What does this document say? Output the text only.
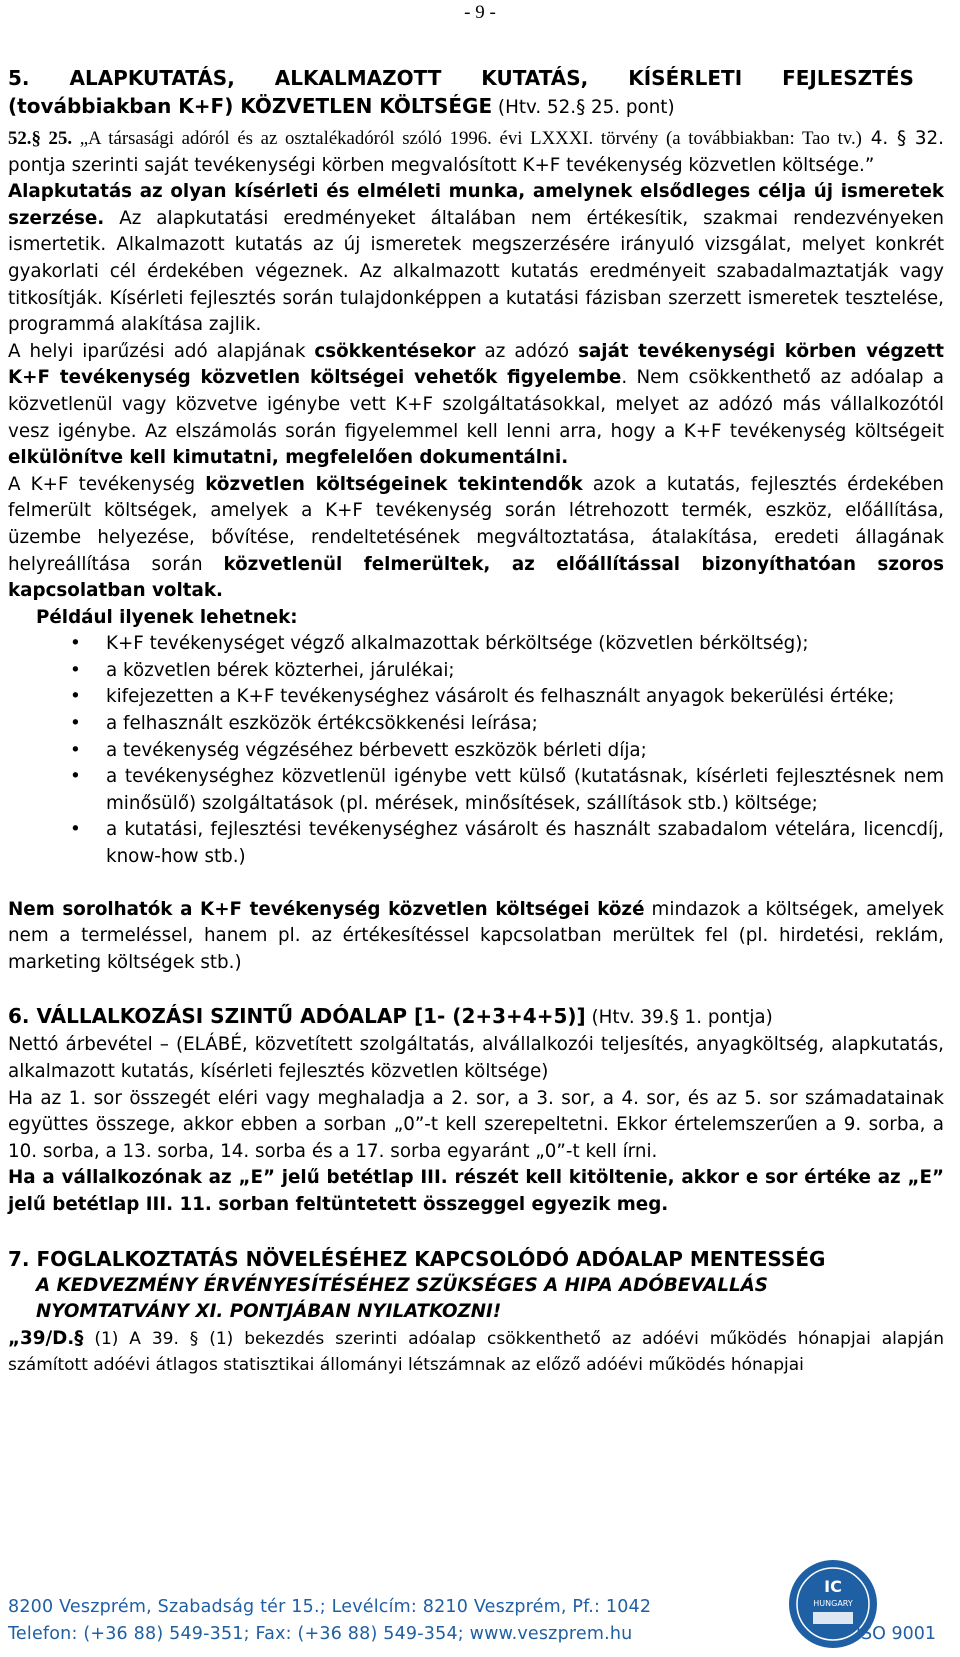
- 9 -

5. ALAPKUTATÁS, ALKALMAZOTT KUTATÁS, KÍSÉRLETI FEJLESZTÉS

(továbbiakban K+F) KÖZVETLEN KÖLTSÉGE (Htv. 52.§ 25. pont)

52.§ 25. „A társasági adóról és az osztalékadóról szóló 1996. évi LXXXI. törvény (a továbbiakban: Tao tv.) 4. § 32. pontja szerinti saját tevékenységi körben megvalósított K+F tevékenység közvetlen költsége.”

Alapkutatás az olyan kísérleti és elméleti munka, amelynek elsődleges célja új ismeretek szerzése. Az alapkutatási eredményeket általában nem értékesítik, szakmai rendezvényeken ismertetik. Alkalmazott kutatás az új ismeretek megszerzésére irányuló vizsgálat, melyet konkrét gyakorlati cél érdekében végeznek. Az alkalmazott kutatás eredményeit szabadalmaztatják vagy titkosítják. Kísérleti fejlesztés során tulajdonképpen a kutatási fázisban szerzett ismeretek tesztelése, programmá alakítása zajlik.

A helyi iparűzési adó alapjának csökkentésekor az adózó saját tevékenységi körben végzett K+F tevékenység közvetlen költségei vehetők figyelembe. Nem csökkenthető az adóalap a közvetlenül vagy közvetve igénybe vett K+F szolgáltatásokkal, melyet az adózó más vállalkozótól vesz igénybe. Az elszámolás során figyelemmel kell lenni arra, hogy a K+F tevékenység költségeit elkülönítve kell kimutatni, megfelelően dokumentálni.

A K+F tevékenység közvetlen költségeinek tekintendők azok a kutatás, fejlesztés érdekében felmerült költségek, amelyek a K+F tevékenység során létrehozott termék, eszköz, előállítása, üzembe helyezése, bővítése, rendeltetésének megváltoztatása, átalakítása, eredeti állagának helyreállítása során közvetlenül felmerültek, az előállítással bizonyíthatóan szoros kapcsolatban voltak.

Például ilyenek lehetnek:

• K+F tevékenységet végző alkalmazottak bérköltsége (közvetlen bérköltség);
• a közvetlen bérek közterhei, járulékai;
• kifejezetten a K+F tevékenységhez vásárolt és felhasznált anyagok bekerülési értéke;
• a felhasznált eszközök értékcsökkenési leírása;
• a tevékenység végzéséhez bérbevett eszközök bérleti díja;
• a tevékenységhez közvetlenül igénybe vett külső (kutatásnak, kísérleti fejlesztésnek nem minősülő) szolgáltatások (pl. mérések, minősítések, szállítások stb.) költsége;
• a kutatási, fejlesztési tevékenységhez vásárolt és használt szabadalom vételára, licencdíj, know-how stb.)

Nem sorolhatók a K+F tevékenység közvetlen költségei közé mindazok a költségek, amelyek nem a termeléssel, hanem pl. az értékesítéssel kapcsolatban merültek fel (pl. hirdetési, reklám, marketing költségek stb.)

6. VÁLLALKOZÁSI SZINTŰ ADÓALAP [1- (2+3+4+5)] (Htv. 39.§ 1. pontja)

Nettó árbevétel – (ELÁBÉ, közvetített szolgáltatás, alvállalkozói teljesítés, anyagköltség, alapkutatás, alkalmazott kutatás, kísérleti fejlesztés közvetlen költsége)

Ha az 1. sor összegét eléri vagy meghaladja a 2. sor, a 3. sor, a 4. sor, és az 5. sor számadatainak együttes összege, akkor ebben a sorban „0”-t kell szerepeltetni. Ekkor értelemszerűen a 9. sorba, a 10. sorba, a 13. sorba, 14. sorba és a 17. sorba egyaránt „0”-t kell írni.

Ha a vállalkozónak az „E” jelű betétlap III. részét kell kitöltenie, akkor e sor értéke az „E” jelű betétlap III. 11. sorban feltüntetett összeggel egyezik meg.

7. FOGLALKOZTATÁS NÖVELÉSÉHEZ KAPCSOLÓDÓ ADÓALAP MENTESSÉG

A KEDVEZMÉNY ÉRVÉNYESÍTÉSÉHEZ SZÜKSÉGES A HIPA ADÓBEVALLÁS

NYOMTATVÁNY XI. PONTJÁBAN NYILATKOZNI!

„39/D.§ (1) A 39. § (1) bekezdés szerinti adóalap csökkenthető az adóévi működés hónapjai alapján számított adóévi átlagos statisztikai állományi létszámnak az előző adóévi működés hónapjai

8200 Veszprém, Szabadság tér 15.; Levélcím: 8210 Veszprém, Pf.: 1042
Telefon: (+36 88) 549-351; Fax: (+36 88) 549-354; www.veszprem.hu
IC
HUNGARY
ISO 9001
